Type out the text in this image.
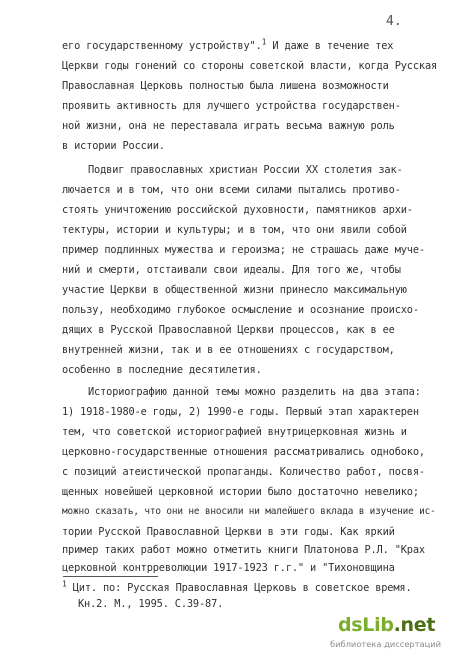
4.
его государственному устройству".$^1$ И даже в течение тех
Церкви годы гонений со стороны советской власти, когда Русская
Православная Церковь полностью была лишена возможности
проявить активность для лучшего устройства государствен-
ной жизни, она не переставала играть весьма важную роль
в истории России.
Подвиг православных христиан России XX столетия зак-
лючается и в том, что они всеми силами пытались противо-
стоять уничтожению российской духовности, памятников архи-
тектуры, истории и культуры; и в том, что они явили собой
пример подлинных мужества и героизма; не страшась даже муче-
ний и смерти, отстаивали свои идеалы. Для того же, чтобы
участие Церкви в общественной жизни принесло максимальную
пользу, необходимо глубокое осмысление и осознание происхо-
дящих в Русской Православной Церкви процессов, как в ее
внутренней жизни, так и в ее отношениях с государством,
особенно в последние десятилетия.
Историографию данной темы можно разделить на два этапа:
1) 1918-1980-е годы, 2) 1990-е годы. Первый этап характерен
тем, что советской историографией внутрицерковная жизнь и
церковно-государственные отношения рассматривались однобоко,
с позиций атеистической пропаганды. Количество работ, посвя-
щенных новейшей церковной истории было достаточно невелико;
можно сказать, что они не вносили ни малейшего вклада в изучение ис-
тории Русской Православной Церкви в эти годы. Как яркий
пример таких работ можно отметить книги Платонова Р.Л. "Крах
церковной контрреволюции 1917-1923 г.г." и "Тихоновщина
$^1$ Цит. по: Русская Православная Церковь в советское время.
Кн.2. М., 1995. С.39-87.
dsLib.net
библиотека диссертаций
